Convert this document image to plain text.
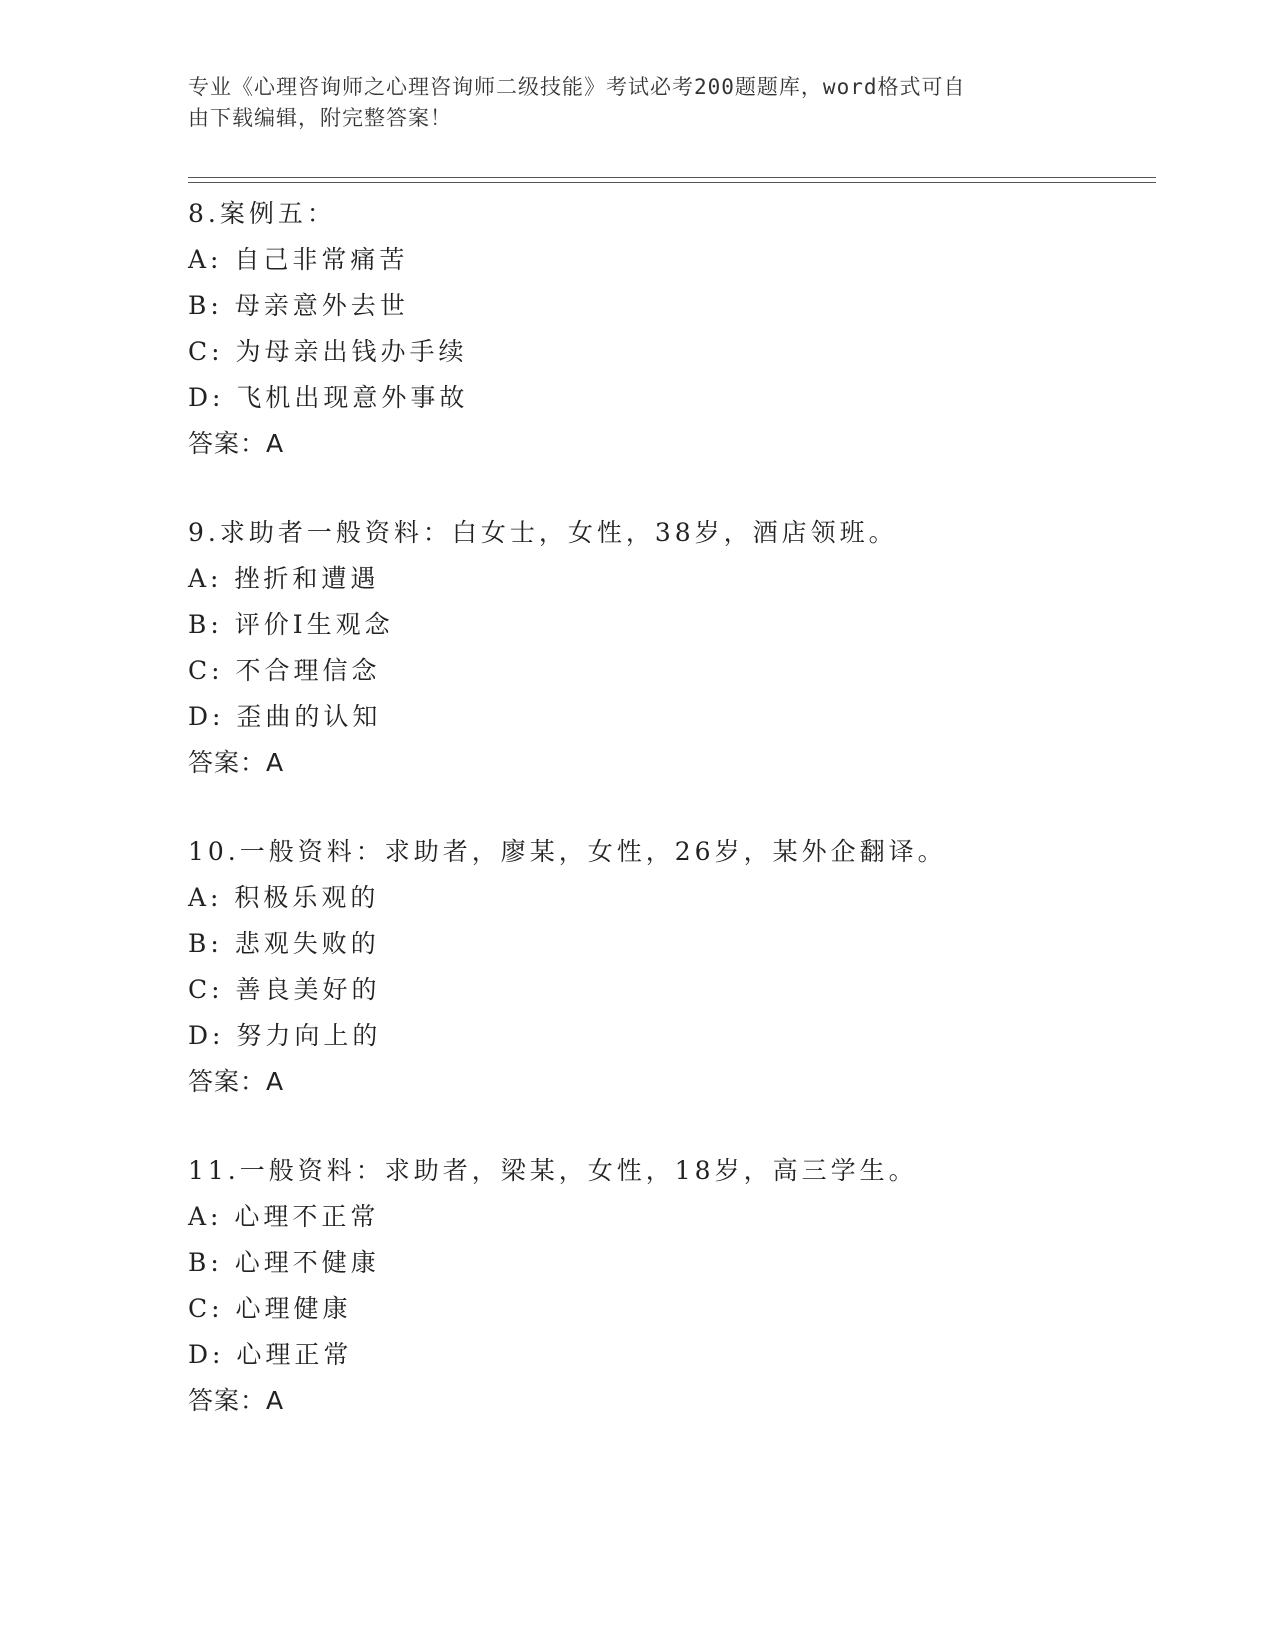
专业《心理咨询师之心理咨询师二级技能》考试必考200题题库，word格式可自
由下载编辑，附完整答案！
8.案例五：
A: 自己非常痛苦
B: 母亲意外去世
C: 为母亲出钱办手续
D: 飞机出现意外事故
答案：A
9.求助者一般资料：白女士，女性，38岁，酒店领班。
A: 挫折和遭遇
B: 评价Ⅰ生观念
C: 不合理信念
D: 歪曲的认知
答案：A
10.一般资料：求助者，廖某，女性，26岁，某外企翻译。
A: 积极乐观的
B: 悲观失败的
C: 善良美好的
D: 努力向上的
答案：A
11.一般资料：求助者，梁某，女性，18岁，高三学生。
A: 心理不正常
B: 心理不健康
C: 心理健康
D: 心理正常
答案：A
